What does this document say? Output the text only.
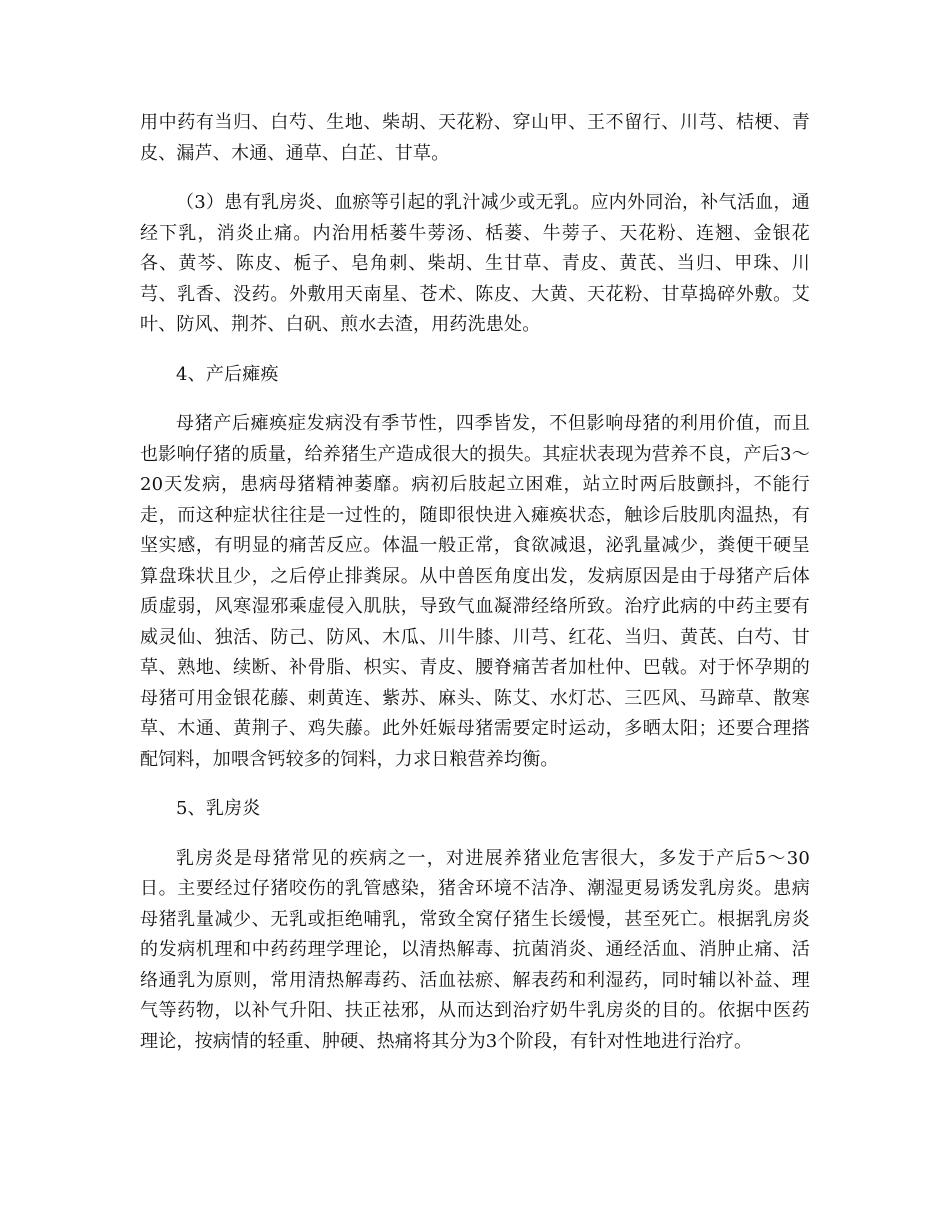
用中药有当归、白芍、生地、柴胡、天花粉、穿山甲、王不留行、川芎、桔梗、青皮、漏芦、木通、通草、白芷、甘草。

（3）患有乳房炎、血瘀等引起的乳汁减少或无乳。应内外同治，补气活血，通经下乳，消炎止痛。内治用栝蒌牛蒡汤、栝蒌、牛蒡子、天花粉、连翘、金银花各、黄芩、陈皮、栀子、皂角刺、柴胡、生甘草、青皮、黄芪、当归、甲珠、川芎、乳香、没药。外敷用天南星、苍术、陈皮、大黄、天花粉、甘草捣碎外敷。艾叶、防风、荆芥、白矾、煎水去渣，用药洗患处。

4、产后瘫痪

母猪产后瘫痪症发病没有季节性，四季皆发，不但影响母猪的利用价值，而且也影响仔猪的质量，给养猪生产造成很大的损失。其症状表现为营养不良，产后3～20天发病，患病母猪精神萎靡。病初后肢起立困难，站立时两后肢颤抖，不能行走，而这种症状往往是一过性的，随即很快进入瘫痪状态，触诊后肢肌肉温热，有坚实感，有明显的痛苦反应。体温一般正常，食欲减退，泌乳量减少，粪便干硬呈算盘珠状且少，之后停止排粪尿。从中兽医角度出发，发病原因是由于母猪产后体质虚弱，风寒湿邪乘虚侵入肌肤，导致气血凝滞经络所致。治疗此病的中药主要有威灵仙、独活、防己、防风、木瓜、川牛膝、川芎、红花、当归、黄芪、白芍、甘草、熟地、续断、补骨脂、枳实、青皮、腰脊痛苦者加杜仲、巴戟。对于怀孕期的母猪可用金银花藤、刺黄连、紫苏、麻头、陈艾、水灯芯、三匹风、马蹄草、散寒草、木通、黄荆子、鸡失藤。此外妊娠母猪需要定时运动，多晒太阳；还要合理搭配饲料，加喂含钙较多的饲料，力求日粮营养均衡。

5、乳房炎

乳房炎是母猪常见的疾病之一，对进展养猪业危害很大，多发于产后5～30日。主要经过仔猪咬伤的乳管感染，猪舍环境不洁净、潮湿更易诱发乳房炎。患病母猪乳量减少、无乳或拒绝哺乳，常致全窝仔猪生长缓慢，甚至死亡。根据乳房炎的发病机理和中药药理学理论，以清热解毒、抗菌消炎、通经活血、消肿止痛、活络通乳为原则，常用清热解毒药、活血祛瘀、解表药和利湿药，同时辅以补益、理气等药物，以补气升阳、扶正祛邪，从而达到治疗奶牛乳房炎的目的。依据中医药理论，按病情的轻重、肿硬、热痛将其分为3个阶段，有针对性地进行治疗。
